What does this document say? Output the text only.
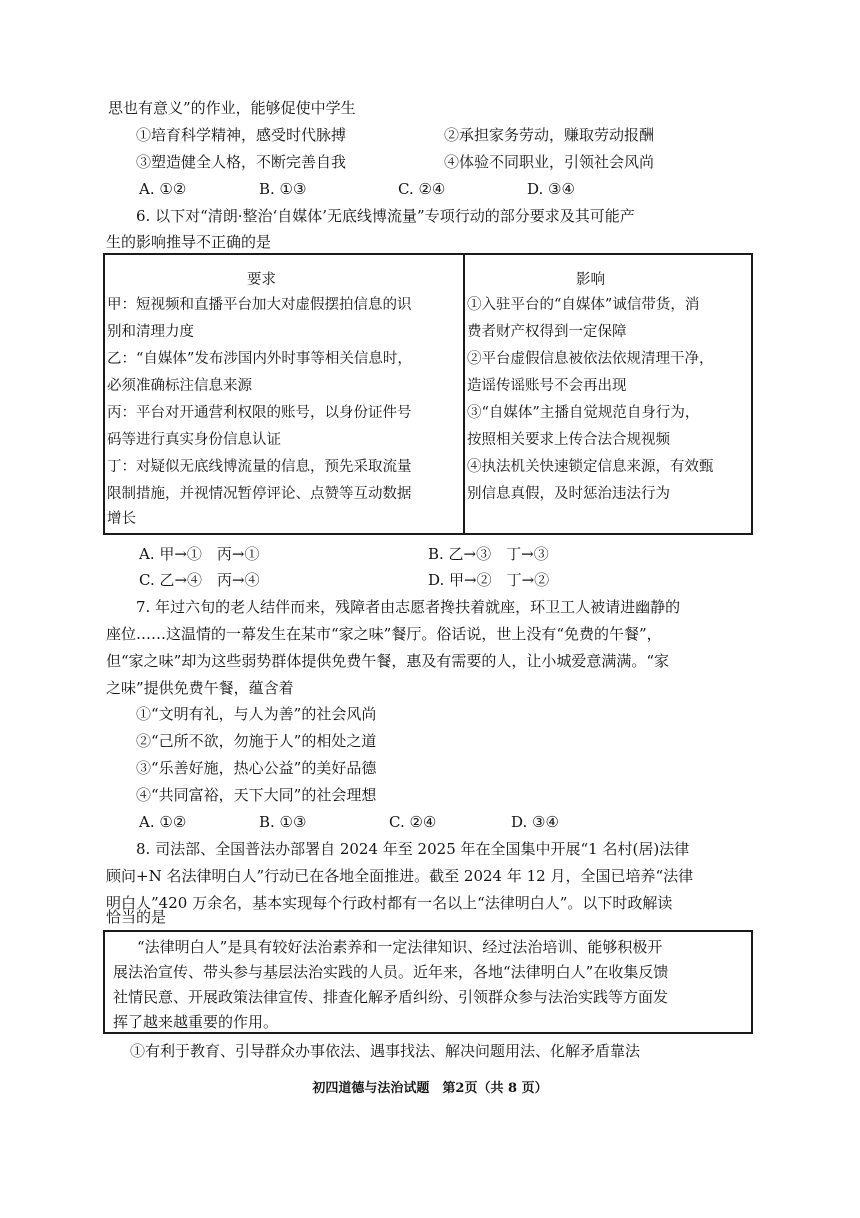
思也有意义”的作业，能够促使中学生
①培育科学精神，感受时代脉搏	②承担家务劳动，赚取劳动报酬
③塑造健全人格，不断完善自我	④体验不同职业，引领社会风尚
A. ①②	B. ①③	C. ②④	D. ③④
6. 以下对“清朗·整治‘自媒体’无底线博流量”专项行动的部分要求及其可能产
生的影响推导不正确的是
要求	影响
甲：短视频和直播平台加大对虚假摆拍信息的识
别和清理力度
乙：“自媒体”发布涉国内外时事等相关信息时，
必须准确标注信息来源
丙：平台对开通营利权限的账号，以身份证件号
码等进行真实身份信息认证
丁：对疑似无底线博流量的信息，预先采取流量
限制措施，并视情况暂停评论、点赞等互动数据
增长
①入驻平台的“自媒体”诚信带货，消
费者财产权得到一定保障
②平台虚假信息被依法依规清理干净，
造谣传谣账号不会再出现
③“自媒体”主播自觉规范自身行为，
按照相关要求上传合法合规视频
④执法机关快速锁定信息来源，有效甄
别信息真假，及时惩治违法行为
A. 甲→①　丙→①	B. 乙→③　丁→③
C. 乙→④　丙→④	D. 甲→②　丁→②
7. 年过六旬的老人结伴而来，残障者由志愿者搀扶着就座，环卫工人被请进幽静的
座位……这温情的一幕发生在某市“家之味”餐厅。俗话说，世上没有“免费的午餐”，
但“家之味”却为这些弱势群体提供免费午餐，惠及有需要的人，让小城爱意满满。“家
之味”提供免费午餐，蕴含着
①“文明有礼，与人为善”的社会风尚
②“己所不欲，勿施于人”的相处之道
③“乐善好施，热心公益”的美好品德
④“共同富裕，天下大同”的社会理想
A. ①②	B. ①③	C. ②④	D. ③④
8. 司法部、全国普法办部署自 2024 年至 2025 年在全国集中开展“1 名村(居)法律
顾问+N 名法律明白人”行动已在各地全面推进。截至 2024 年 12 月，全国已培养“法律
明白人”420 万余名，基本实现每个行政村都有一名以上“法律明白人”。以下时政解读
恰当的是
“法律明白人”是具有较好法治素养和一定法律知识、经过法治培训、能够积极开
展法治宣传、带头参与基层法治实践的人员。近年来，各地“法律明白人”在收集反馈
社情民意、开展政策法律宣传、排查化解矛盾纠纷、引领群众参与法治实践等方面发
挥了越来越重要的作用。
①有利于教育、引导群众办事依法、遇事找法、解决问题用法、化解矛盾靠法
初四道德与法治试题　第2页（共 8 页）
